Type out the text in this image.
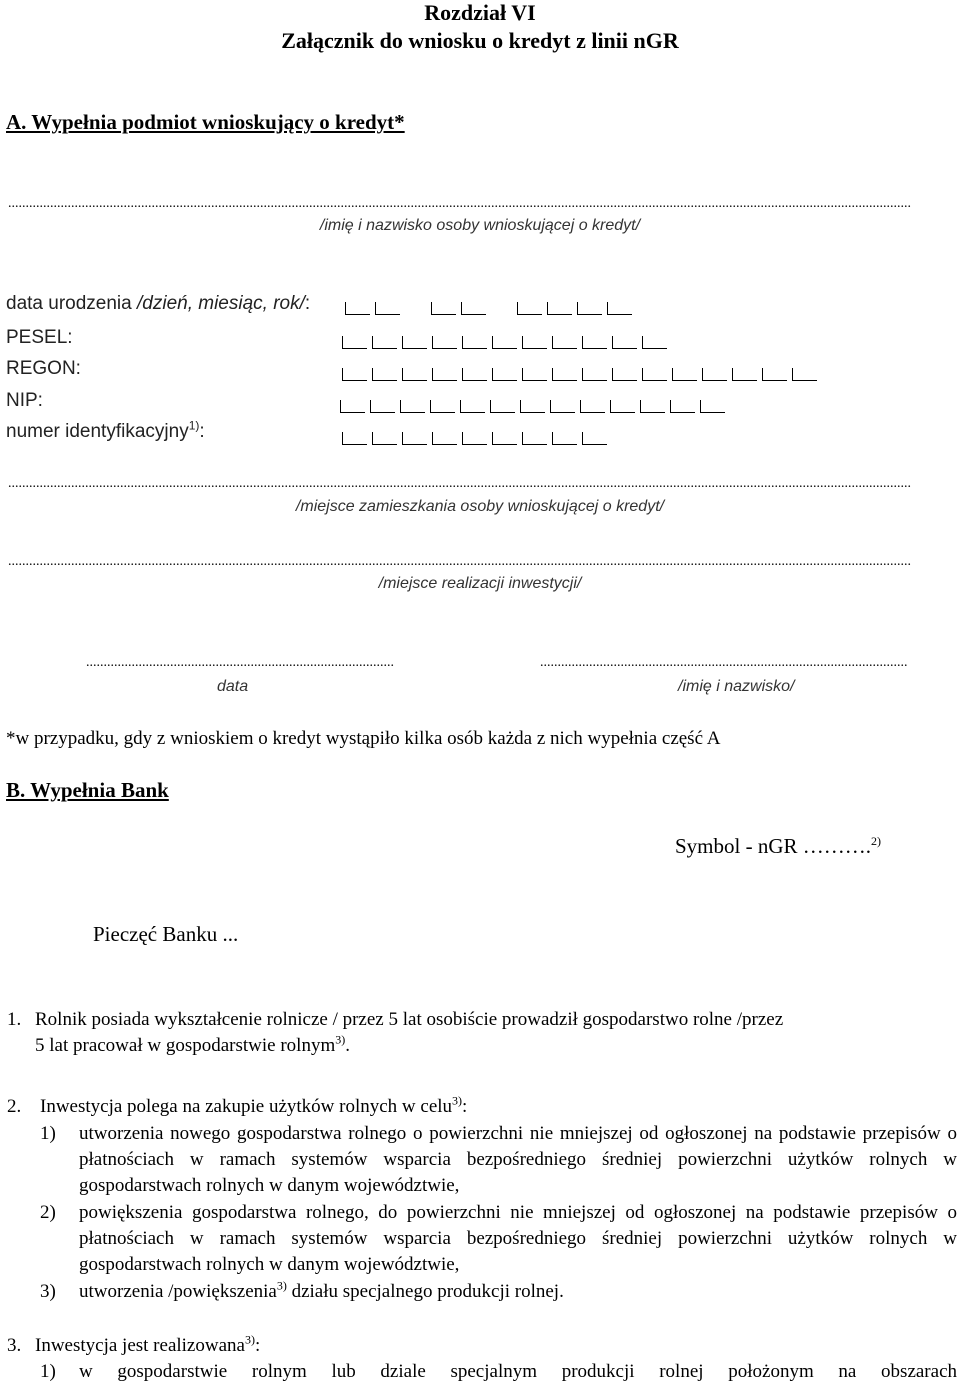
Rozdział VI
Załącznik do wniosku o kredyt z linii nGR
A. Wypełnia podmiot wnioskujący o kredyt*
..................................................................................................................................................................................................................................................................
/imię i nazwisko osoby wnioskującej o kredyt/
data urodzenia /dzień, miesiąc, rok/:
PESEL:
REGON:
NIP:
numer identyfikacyjny$^{1)}$:
..................................................................................................................................................................................................................................................................
/miejsce zamieszkania osoby wnioskującej o kredyt/
..................................................................................................................................................................................................................................................................
/miejsce realizacji inwestycji/
........................................................................................	.........................................................................................................
data	/imię i nazwisko/
*w przypadku, gdy z wnioskiem o kredyt wystąpiło kilka osób każda z nich wypełnia część A
B. Wypełnia Bank
Symbol - nGR ……….$^{2)}$
Pieczęć Banku ...
1. Rolnik posiada wykształcenie rolnicze / przez 5 lat osobiście prowadził gospodarstwo rolne /przez
5 lat pracował w gospodarstwie rolnym$^{3)}$.
2. Inwestycja polega na zakupie użytków rolnych w celu$^{3)}$:
1) utworzenia nowego gospodarstwa rolnego o powierzchni nie mniejszej od ogłoszonej na podstawie przepisów o płatnościach w ramach systemów wsparcia bezpośredniego średniej powierzchni użytków rolnych w gospodarstwach rolnych w danym województwie,
2) powiększenia gospodarstwa rolnego, do powierzchni nie mniejszej od ogłoszonej na podstawie przepisów o płatnościach w ramach systemów wsparcia bezpośredniego średniej powierzchni użytków rolnych w gospodarstwach rolnych w danym województwie,
3) utworzenia /powiększenia$^{3)}$ działu specjalnego produkcji rolnej.
3. Inwestycja jest realizowana$^{3)}$:
1) w gospodarstwie rolnym lub dziale specjalnym produkcji rolnej położonym na obszarach
